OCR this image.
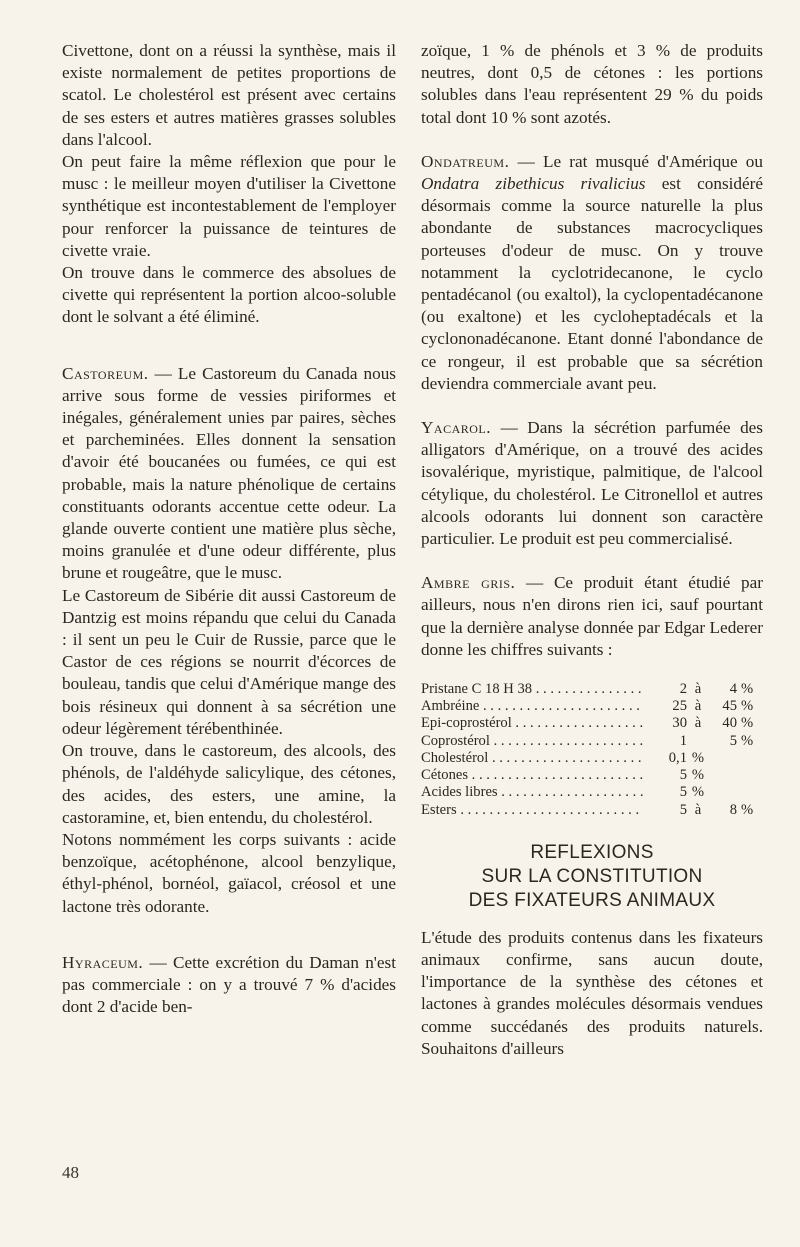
Civettone, dont on a réussi la synthèse, mais il existe normalement de petites proportions de scatol. Le cholestérol est présent avec certains de ses esters et autres matières grasses solubles dans l'alcool.

On peut faire la même réflexion que pour le musc : le meilleur moyen d'utiliser la Civettone synthétique est incontestablement de l'employer pour renforcer la puissance de teintures de civette vraie.

On trouve dans le commerce des absolues de civette qui représentent la portion alcoo-soluble dont le solvant a été éliminé.

Castoreum. — Le Castoreum du Canada nous arrive sous forme de vessies piriformes et inégales, généralement unies par paires, sèches et parcheminées. Elles donnent la sensation d'avoir été boucanées ou fumées, ce qui est probable, mais la nature phénolique de certains constituants odorants accentue cette odeur. La glande ouverte contient une matière plus sèche, moins granulée et d'une odeur différente, plus brune et rougeâtre, que le musc.

Le Castoreum de Sibérie dit aussi Castoreum de Dantzig est moins répandu que celui du Canada : il sent un peu le Cuir de Russie, parce que le Castor de ces régions se nourrit d'écorces de bouleau, tandis que celui d'Amérique mange des bois résineux qui donnent à sa sécrétion une odeur légèrement térébenthinée.

On trouve, dans le castoreum, des alcools, des phénols, de l'aldéhyde salicylique, des cétones, des acides, des esters, une amine, la castoramine, et, bien entendu, du cholestérol.

Notons nommément les corps suivants : acide benzoïque, acétophénone, alcool benzylique, éthyl-phénol, bornéol, gaïacol, créosol et une lactone très odorante.

Hyraceum. — Cette excrétion du Daman n'est pas commerciale : on y a trouvé 7 % d'acides dont 2 d'acide ben-

zoïque, 1 % de phénols et 3 % de produits neutres, dont 0,5 de cétones : les portions solubles dans l'eau représentent 29 % du poids total dont 10 % sont azotés.

Ondatreum. — Le rat musqué d'Amérique ou Ondatra zibethicus rivalicius est considéré désormais comme la source naturelle la plus abondante de substances macrocycliques porteuses d'odeur de musc. On y trouve notamment la cyclotridecanone, le cyclo pentadécanol (ou exaltol), la cyclopentadécanone (ou exaltone) et les cycloheptadécals et la cyclononadécanone. Etant donné l'abondance de ce rongeur, il est probable que sa sécrétion deviendra commerciale avant peu.

Yacarol. — Dans la sécrétion parfumée des alligators d'Amérique, on a trouvé des acides isovalérique, myristique, palmitique, de l'alcool cétylique, du cholestérol. Le Citronellol et autres alcools odorants lui donnent son caractère particulier. Le produit est peu commercialisé.

Ambre gris. — Ce produit étant étudié par ailleurs, nous n'en dirons rien ici, sauf pourtant que la dernière analyse donnée par Edgar Lederer donne les chiffres suivants :

Pristane C 18 H 38 . . .	2	à	4	%

Ambréine . . .	25	à	45	%

Epi-coprostérol . . .	30	à	40	%

Coprostérol . . .	1		5	%

Cholestérol . . .	0,1	%		

Cétones . . .	5	%		

Acides libres . . .	5	%		

Esters . . .	5	à	8	%
REFLEXIONS
SUR LA CONSTITUTION
DES FIXATEURS ANIMAUX

L'étude des produits contenus dans les fixateurs animaux confirme, sans aucun doute, l'importance de la synthèse des cétones et lactones à grandes molécules désormais vendues comme succédanés des produits naturels. Souhaitons d'ailleurs

48
